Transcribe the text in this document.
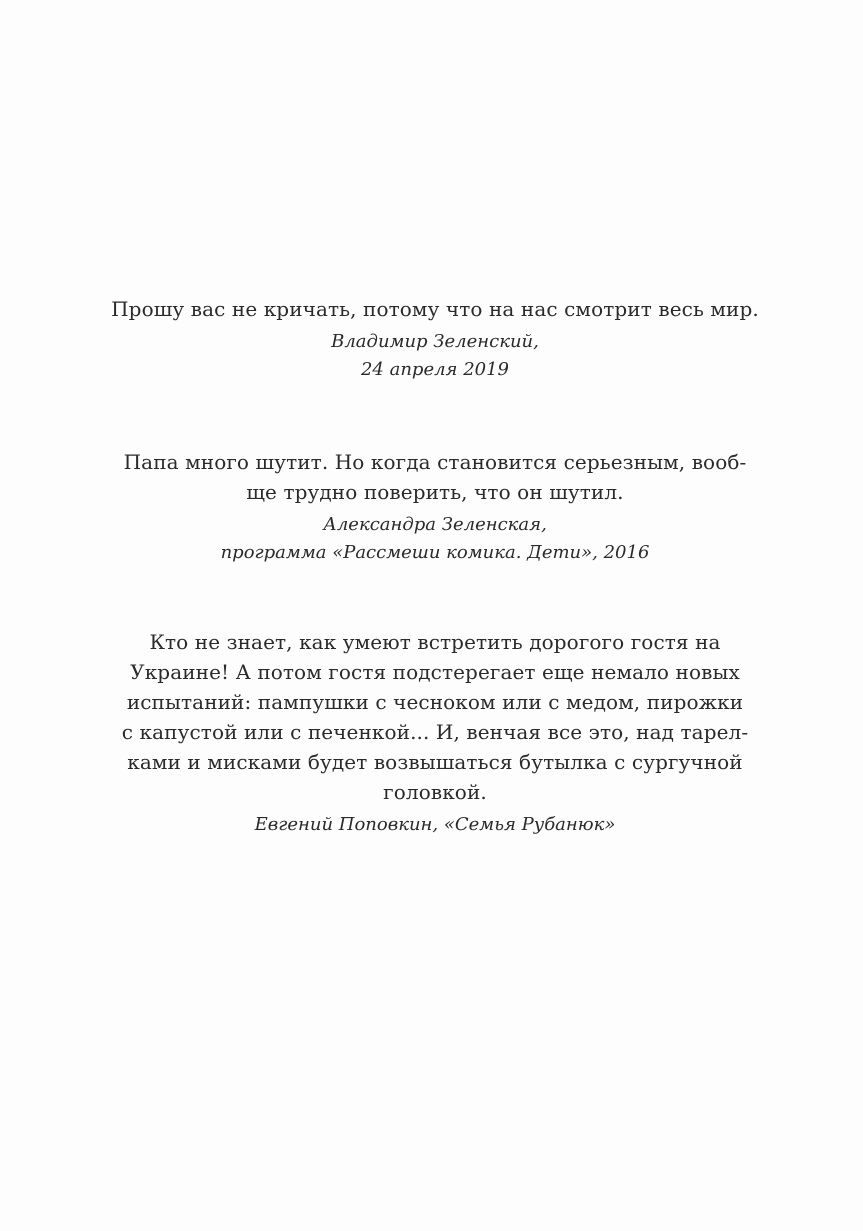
Прошу вас не кричать, потому что на нас смотрит весь мир.
Владимир Зеленский,
24 апреля 2019
Папа много шутит. Но когда становится серьезным, вооб-
ще трудно поверить, что он шутил.
Александра Зеленская,
программа «Рассмеши комика. Дети», 2016
Кто не знает, как умеют встретить дорогого гостя на
Украине! А потом гостя подстерегает еще немало новых
испытаний: пампушки с чесноком или с медом, пирожки
с капустой или с печенкой... И, венчая все это, над тарел-
ками и мисками будет возвышаться бутылка с сургучной
головкой.
Евгений Поповкин, «Семья Рубанюк»
